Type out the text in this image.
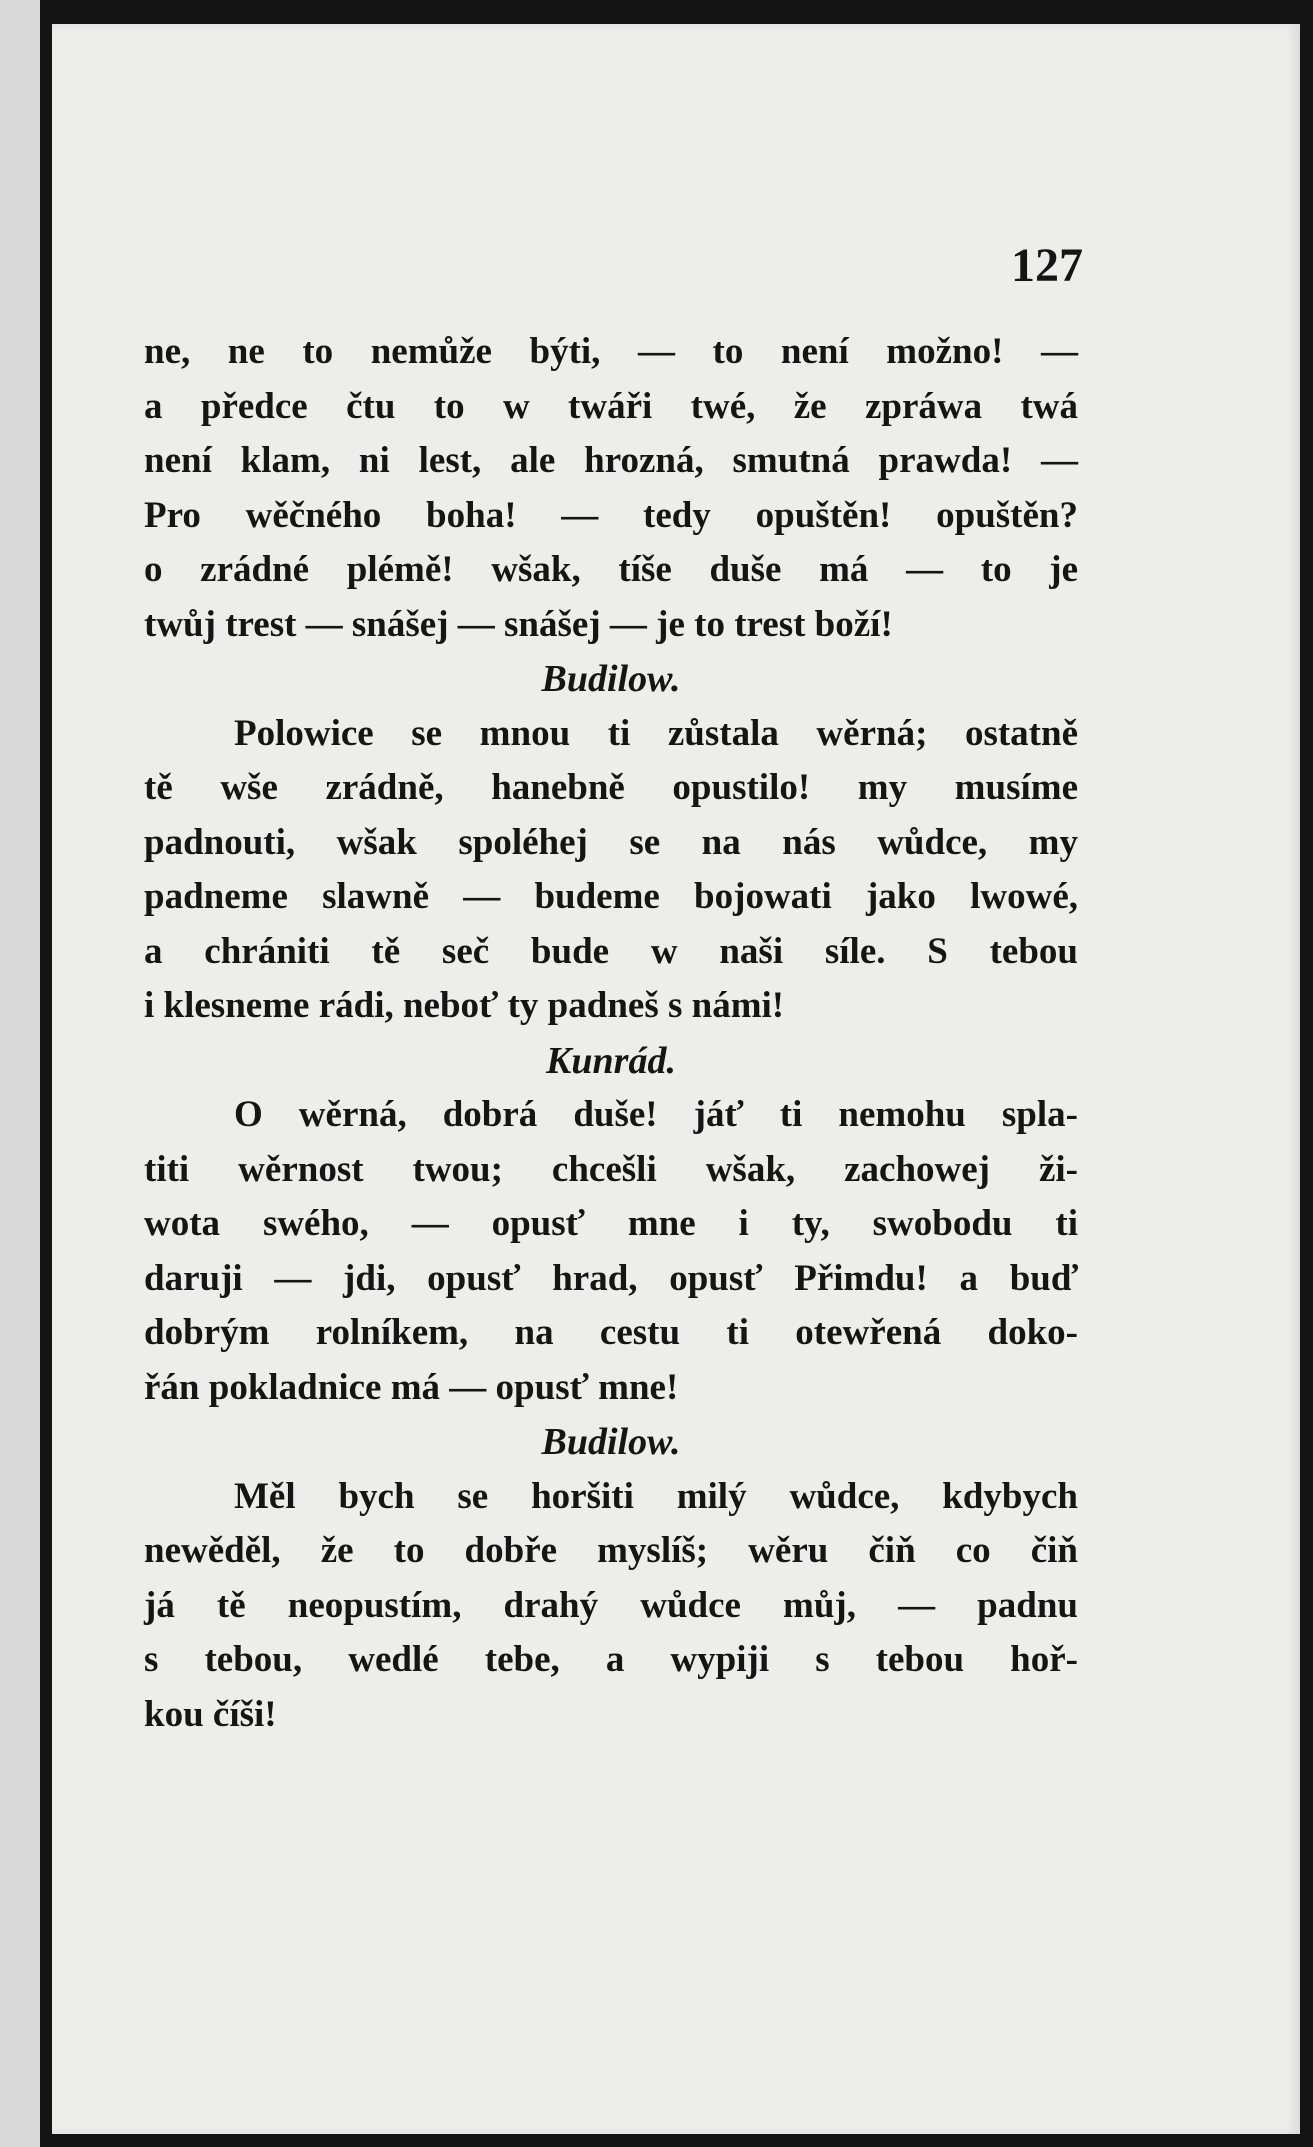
127
ne, ne to nemůže býti, — to není možno! —
a předce čtu to w twáři twé, že zpráwa twá
není klam, ni lest, ale hrozná, smutná prawda! —
Pro wěčného boha! — tedy opuštěn! opuštěn?
o zrádné plémě! wšak, tíše duše má — to je
twůj trest — snášej — snášej — je to trest boží!
Budilow.
Polowice se mnou ti zůstala wěrná; ostatně
tě wše zrádně, hanebně opustilo! my musíme
padnouti, wšak spoléhej se na nás wůdce, my
padneme slawně — budeme bojowati jako lwowé,
a chrániti tě seč bude w naši síle. S tebou
i klesneme rádi, neboť ty padneš s námi!
Kunrád.
O wěrná, dobrá duše! jáť ti nemohu spla-
titi wěrnost twou; chcešli wšak, zachowej ži-
wota swého, — opusť mne i ty, swobodu ti
daruji — jdi, opusť hrad, opusť Přimdu! a buď
dobrým rolníkem, na cestu ti otewřená doko-
řán pokladnice má — opusť mne!
Budilow.
Měl bych se horšiti milý wůdce, kdybych
newěděl, že to dobře myslíš; wěru čiň co čiň
já tě neopustím, drahý wůdce můj, — padnu
s tebou, wedlé tebe, a wypiji s tebou hoř-
kou číši!
